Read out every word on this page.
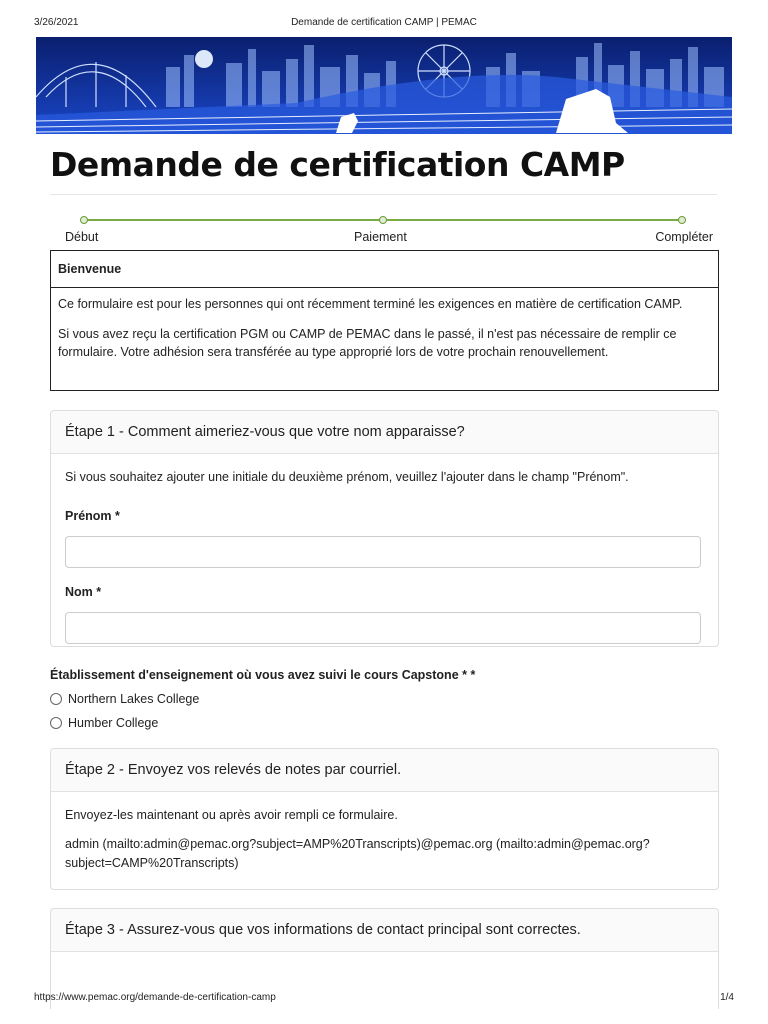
3/26/2021	Demande de certification CAMP | PEMAC
Demande de certification CAMP
Début	Paiement	Compléter
Bienvenue

Ce formulaire est pour les personnes qui ont récemment terminé les exigences en matière de certification CAMP.

Si vous avez reçu la certification PGM ou CAMP de PEMAC dans le passé, il n'est pas nécessaire de remplir ce formulaire. Votre adhésion sera transférée au type approprié lors de votre prochain renouvellement.

Étape 1 - Comment aimeriez-vous que votre nom apparaisse?

Si vous souhaitez ajouter une initiale du deuxième prénom, veuillez l'ajouter dans le champ "Prénom".

Prénom *

Nom *

Établissement d'enseignement où vous avez suivi le cours Capstone * *
Northern Lakes College
Humber College
Étape 2 - Envoyez vos relevés de notes par courriel.

Envoyez-les maintenant ou après avoir rempli ce formulaire.

admin (mailto:admin@pemac.org?subject=AMP%20Transcripts)@pemac.org (mailto:admin@pemac.org?subject=CAMP%20Transcripts)

Étape 3 - Assurez-vous que vos informations de contact principal sont correctes.
https://www.pemac.org/demande-de-certification-camp	1/4
